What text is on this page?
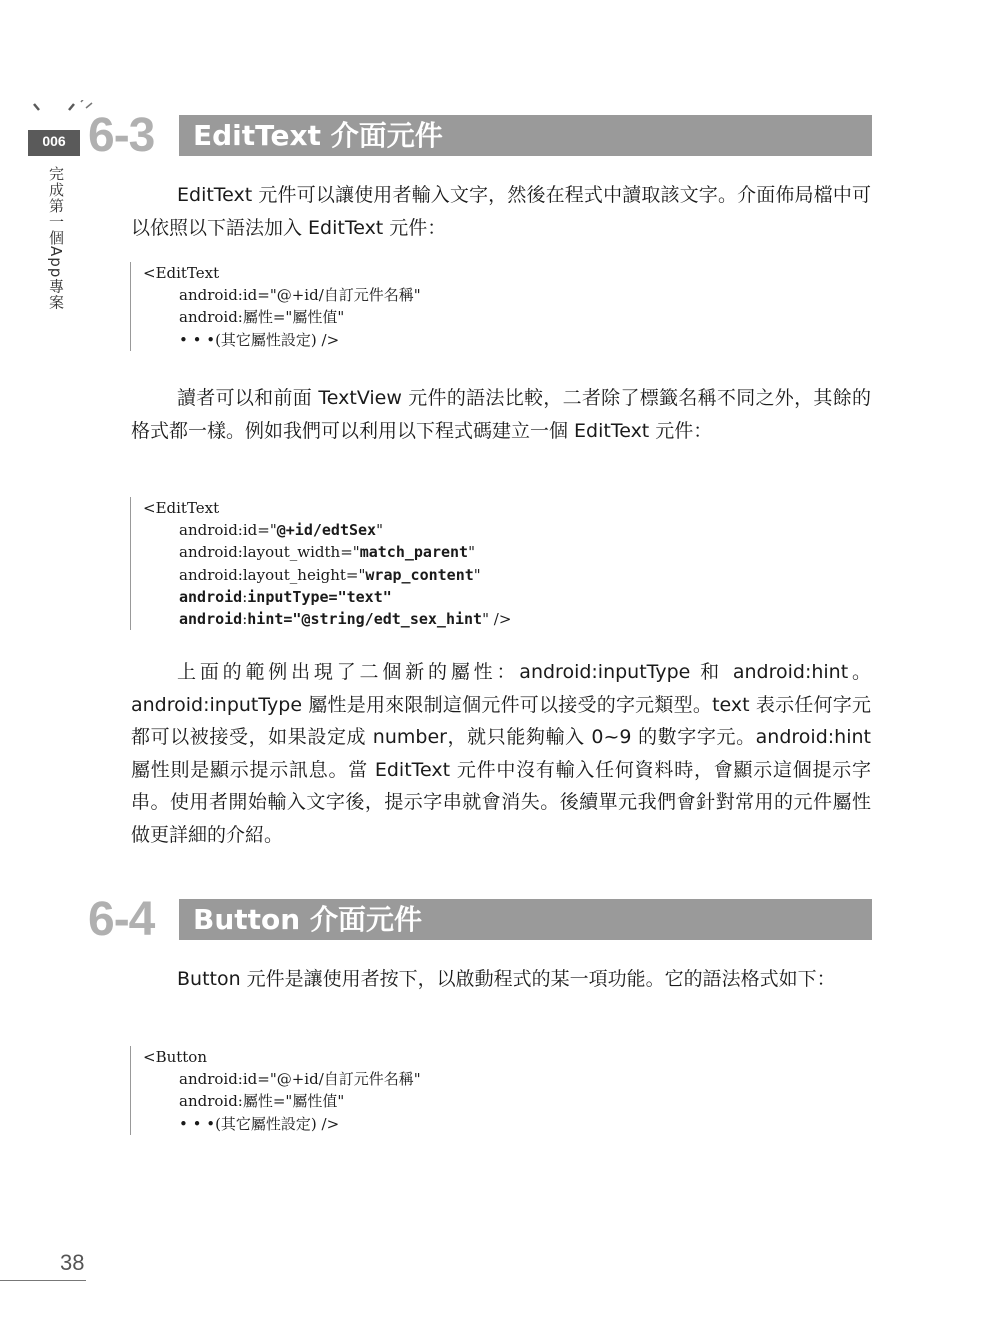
006
完成第一個App專案
6-3	EditText 介面元件

EditText 元件可以讓使用者輸入文字，然後在程式中讀取該文字。介面佈局檔中可以依照以下語法加入 EditText 元件：

<EditText
android:id="@+id/自訂元件名稱"
android:屬性="屬性值"
• • •(其它屬性設定) />

讀者可以和前面 TextView 元件的語法比較，二者除了標籤名稱不同之外，其餘的格式都一樣。例如我們可以利用以下程式碼建立一個 EditText 元件：

<EditText
android:id="@+id/edtSex"
android:layout_width="match_parent"
android:layout_height="wrap_content"
android:inputType="text"
android:hint="@string/edt_sex_hint" />

上面的範例出現了二個新的屬性：android:inputType 和 android:hint。android:inputType 屬性是用來限制這個元件可以接受的字元類型。text 表示任何字元都可以被接受，如果設定成 number，就只能夠輸入 0~9 的數字字元。android:hint 屬性則是顯示提示訊息。當 EditText 元件中沒有輸入任何資料時，會顯示這個提示字串。使用者開始輸入文字後，提示字串就會消失。後續單元我們會針對常用的元件屬性做更詳細的介紹。

6-4	Button 介面元件

Button 元件是讓使用者按下，以啟動程式的某一項功能。它的語法格式如下：

<Button
android:id="@+id/自訂元件名稱"
android:屬性="屬性值"
• • •(其它屬性設定) />
38
